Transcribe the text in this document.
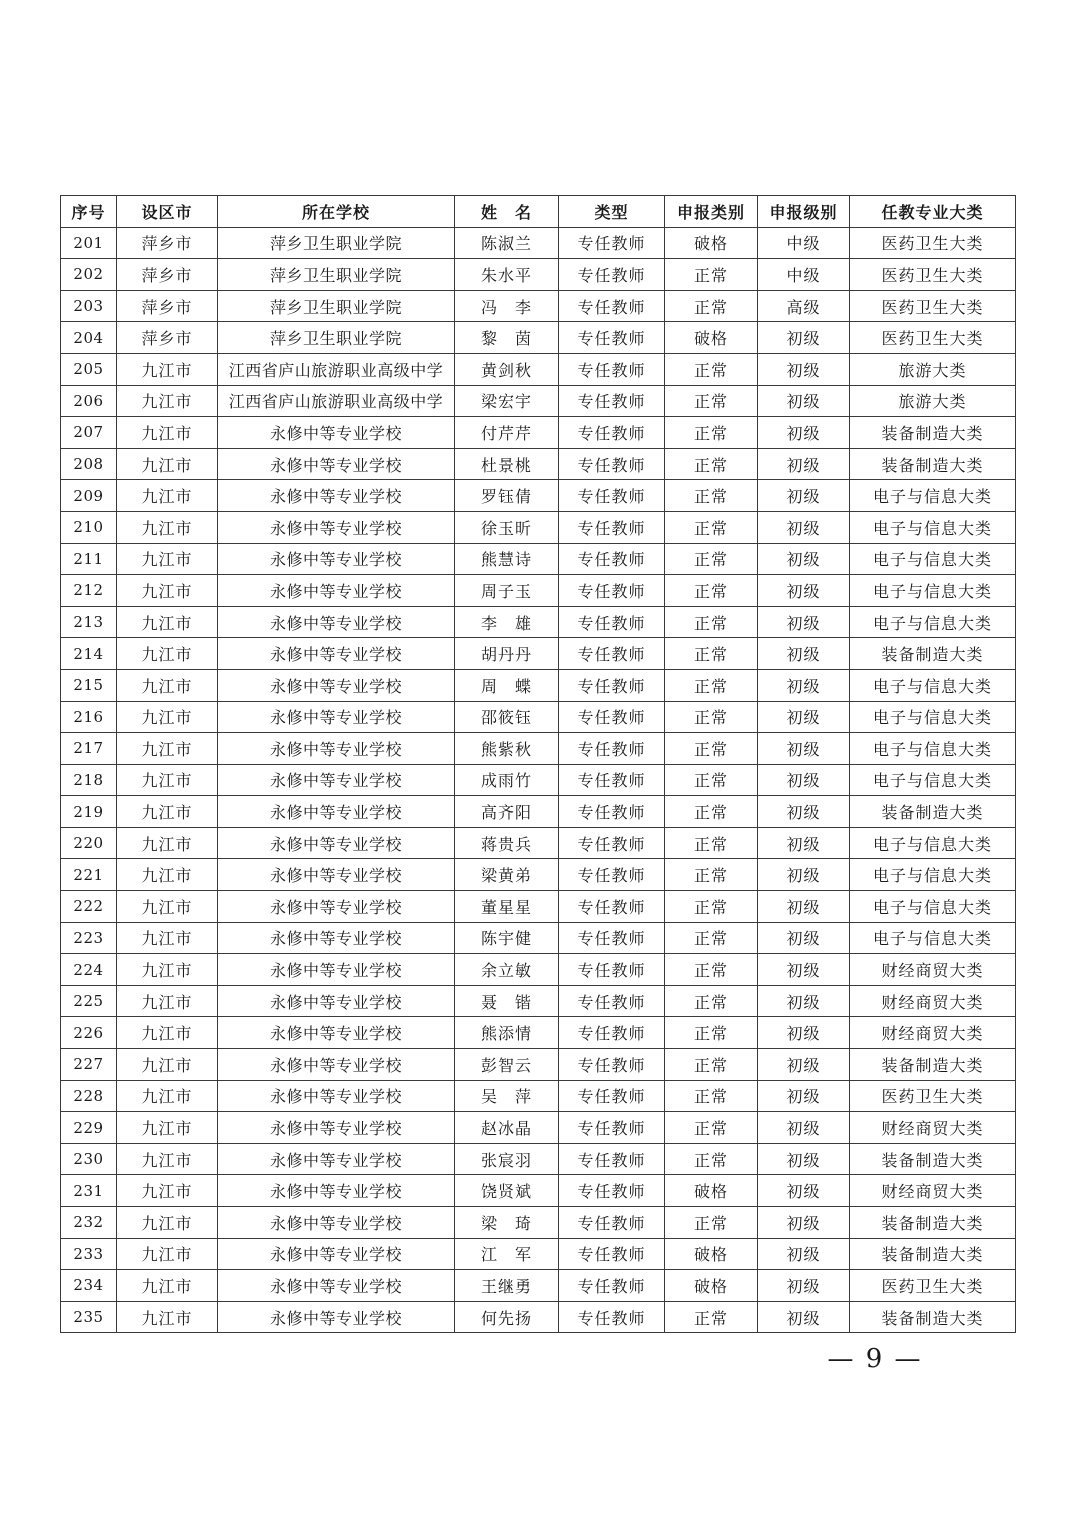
序号	设区市	所在学校	姓　名	类型	申报类别	申报级别	任教专业大类
201	萍乡市	萍乡卫生职业学院	陈淑兰	专任教师	破格	中级	医药卫生大类
202	萍乡市	萍乡卫生职业学院	朱水平	专任教师	正常	中级	医药卫生大类
203	萍乡市	萍乡卫生职业学院	冯　李	专任教师	正常	高级	医药卫生大类
204	萍乡市	萍乡卫生职业学院	黎　茵	专任教师	破格	初级	医药卫生大类
205	九江市	江西省庐山旅游职业高级中学	黄剑秋	专任教师	正常	初级	旅游大类
206	九江市	江西省庐山旅游职业高级中学	梁宏宇	专任教师	正常	初级	旅游大类
207	九江市	永修中等专业学校	付芹芹	专任教师	正常	初级	装备制造大类
208	九江市	永修中等专业学校	杜景桃	专任教师	正常	初级	装备制造大类
209	九江市	永修中等专业学校	罗钰倩	专任教师	正常	初级	电子与信息大类
210	九江市	永修中等专业学校	徐玉昕	专任教师	正常	初级	电子与信息大类
211	九江市	永修中等专业学校	熊慧诗	专任教师	正常	初级	电子与信息大类
212	九江市	永修中等专业学校	周子玉	专任教师	正常	初级	电子与信息大类
213	九江市	永修中等专业学校	李　雄	专任教师	正常	初级	电子与信息大类
214	九江市	永修中等专业学校	胡丹丹	专任教师	正常	初级	装备制造大类
215	九江市	永修中等专业学校	周　蝶	专任教师	正常	初级	电子与信息大类
216	九江市	永修中等专业学校	邵筱钰	专任教师	正常	初级	电子与信息大类
217	九江市	永修中等专业学校	熊紫秋	专任教师	正常	初级	电子与信息大类
218	九江市	永修中等专业学校	成雨竹	专任教师	正常	初级	电子与信息大类
219	九江市	永修中等专业学校	高齐阳	专任教师	正常	初级	装备制造大类
220	九江市	永修中等专业学校	蒋贵兵	专任教师	正常	初级	电子与信息大类
221	九江市	永修中等专业学校	梁黄弟	专任教师	正常	初级	电子与信息大类
222	九江市	永修中等专业学校	董星星	专任教师	正常	初级	电子与信息大类
223	九江市	永修中等专业学校	陈宇健	专任教师	正常	初级	电子与信息大类
224	九江市	永修中等专业学校	余立敏	专任教师	正常	初级	财经商贸大类
225	九江市	永修中等专业学校	聂　锴	专任教师	正常	初级	财经商贸大类
226	九江市	永修中等专业学校	熊添情	专任教师	正常	初级	财经商贸大类
227	九江市	永修中等专业学校	彭智云	专任教师	正常	初级	装备制造大类
228	九江市	永修中等专业学校	吴　萍	专任教师	正常	初级	医药卫生大类
229	九江市	永修中等专业学校	赵冰晶	专任教师	正常	初级	财经商贸大类
230	九江市	永修中等专业学校	张宸羽	专任教师	正常	初级	装备制造大类
231	九江市	永修中等专业学校	饶贤斌	专任教师	破格	初级	财经商贸大类
232	九江市	永修中等专业学校	梁　琦	专任教师	正常	初级	装备制造大类
233	九江市	永修中等专业学校	江　军	专任教师	破格	初级	装备制造大类
234	九江市	永修中等专业学校	王继勇	专任教师	破格	初级	医药卫生大类
235	九江市	永修中等专业学校	何先扬	专任教师	正常	初级	装备制造大类
— 9 —
